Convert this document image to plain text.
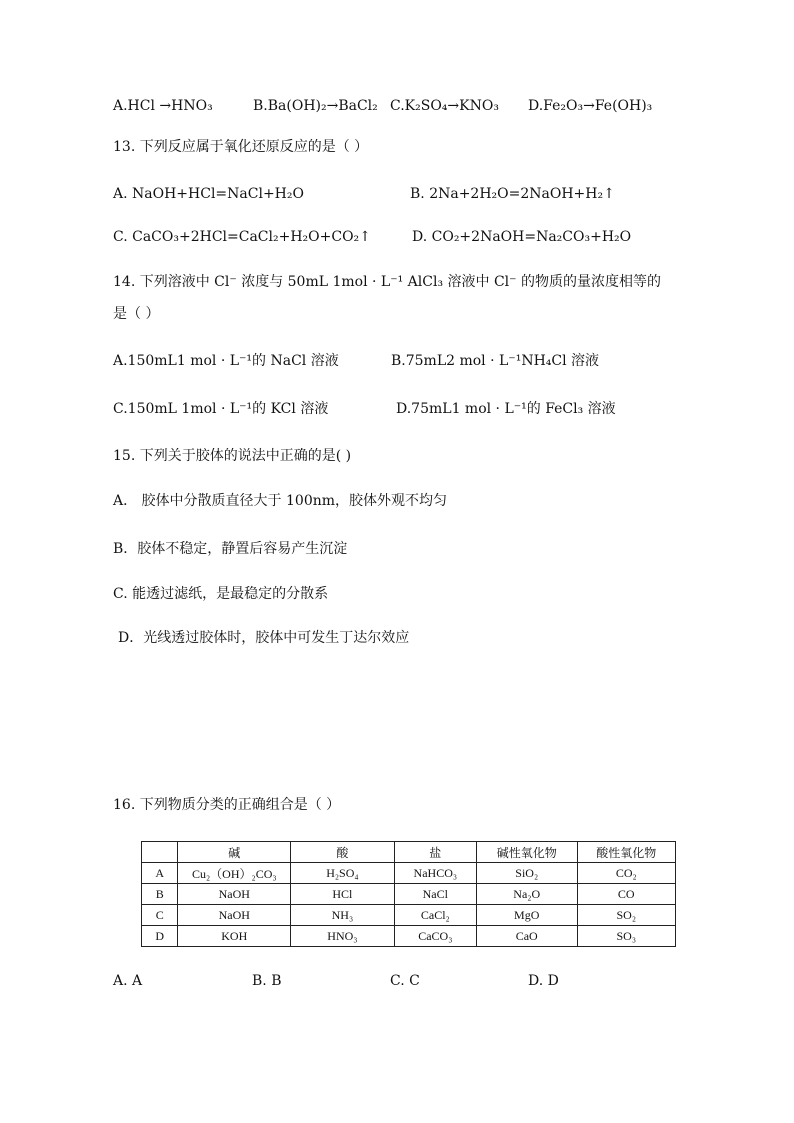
A.HCl →HNO₃	B.Ba(OH)₂→BaCl₂ C.K₂SO₄→KNO₃ D.Fe₂O₃→Fe(OH)₃
13. 下列反应属于氧化还原反应的是（ ）
A. NaOH+HCl=NaCl+H₂O	B. 2Na+2H₂O=2NaOH+H₂↑
C. CaCO₃+2HCl=CaCl₂+H₂O+CO₂↑	D. CO₂+2NaOH=Na₂CO₃+H₂O
14. 下列溶液中 Cl⁻ 浓度与 50mL 1mol · L⁻¹ AlCl₃ 溶液中 Cl⁻ 的物质的量浓度相等的
是（ ）
A.150mL1 mol · L⁻¹的 NaCl 溶液	B.75mL2 mol · L⁻¹NH₄Cl 溶液
C.150mL 1mol · L⁻¹的 KCl 溶液	D.75mL1 mol · L⁻¹的 FeCl₃ 溶液
15. 下列关于胶体的说法中正确的是( )
A． 胶体中分散质直径大于 100nm，胶体外观不均匀
B．胶体不稳定，静置后容易产生沉淀
C. 能透过滤纸，是最稳定的分散系
D．光线透过胶体时，胶体中可发生丁达尔效应
16. 下列物质分类的正确组合是（ ）
	碱	酸	盐	碱性氧化物	酸性氧化物
A	Cu₂（OH）₂CO₃	H₂SO₄	NaHCO₃	SiO₂	CO₂
B	NaOH	HCl	NaCl	Na₂O	CO
C	NaOH	NH₃	CaCl₂	MgO	SO₂
D	KOH	HNO₃	CaCO₃	CaO	SO₃
A. A	B. B	C. C	D. D
